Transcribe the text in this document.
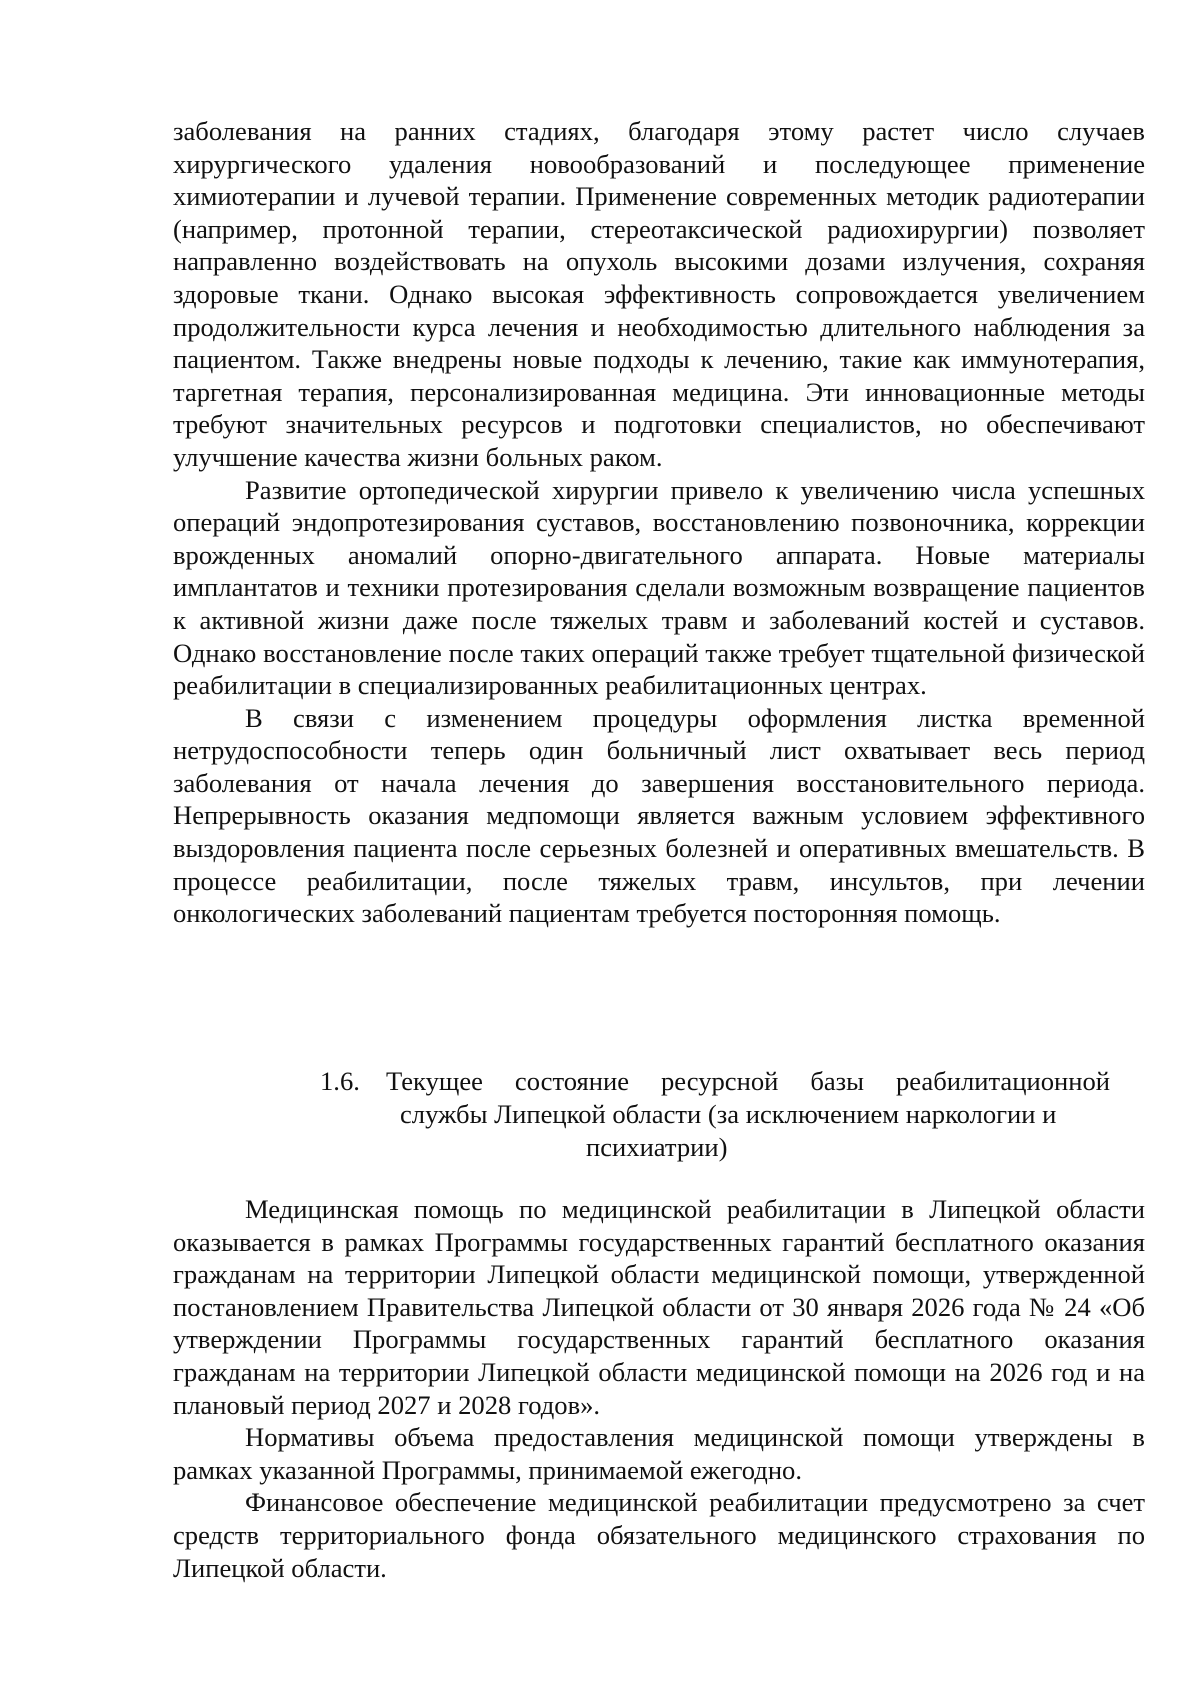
заболевания на ранних стадиях, благодаря этому растет число случаев хирургического удаления новообразований и последующее применение химиотерапии и лучевой терапии. Применение современных методик радиотерапии (например, протонной терапии, стереотаксической радиохирургии) позволяет направленно воздействовать на опухоль высокими дозами излучения, сохраняя здоровые ткани. Однако высокая эффективность сопровождается увеличением продолжительности курса лечения и необходимостью длительного наблюдения за пациентом. Также внедрены новые подходы к лечению, такие как иммунотерапия, таргетная терапия, персонализированная медицина. Эти инновационные методы требуют значительных ресурсов и подготовки специалистов, но обеспечивают улучшение качества жизни больных раком.

Развитие ортопедической хирургии привело к увеличению числа успешных операций эндопротезирования суставов, восстановлению позвоночника, коррекции врожденных аномалий опорно-двигательного аппарата. Новые материалы имплантатов и техники протезирования сделали возможным возвращение пациентов к активной жизни даже после тяжелых травм и заболеваний костей и суставов. Однако восстановление после таких операций также требует тщательной физической реабилитации в специализированных реабилитационных центрах.

В связи с изменением процедуры оформления листка временной нетрудоспособности теперь один больничный лист охватывает весь период заболевания от начала лечения до завершения восстановительного периода. Непрерывность оказания медпомощи является важным условием эффективного выздоровления пациента после серьезных болезней и оперативных вмешательств. В процессе реабилитации, после тяжелых травм, инсультов, при лечении онкологических заболеваний пациентам требуется посторонняя помощь.

1.6. Текущее состояние ресурсной базы реабилитационной
службы Липецкой области (за исключением наркологии и
психиатрии)

Медицинская помощь по медицинской реабилитации в Липецкой области оказывается в рамках Программы государственных гарантий бесплатного оказания гражданам на территории Липецкой области медицинской помощи, утвержденной постановлением Правительства Липецкой области от 30 января 2026 года № 24 «Об утверждении Программы государственных гарантий бесплатного оказания гражданам на территории Липецкой области медицинской помощи на 2026 год и на плановый период 2027 и 2028 годов».

Нормативы объема предоставления медицинской помощи утверждены в рамках указанной Программы, принимаемой ежегодно.

Финансовое обеспечение медицинской реабилитации предусмотрено за счет средств территориального фонда обязательного медицинского страхования по Липецкой области.
